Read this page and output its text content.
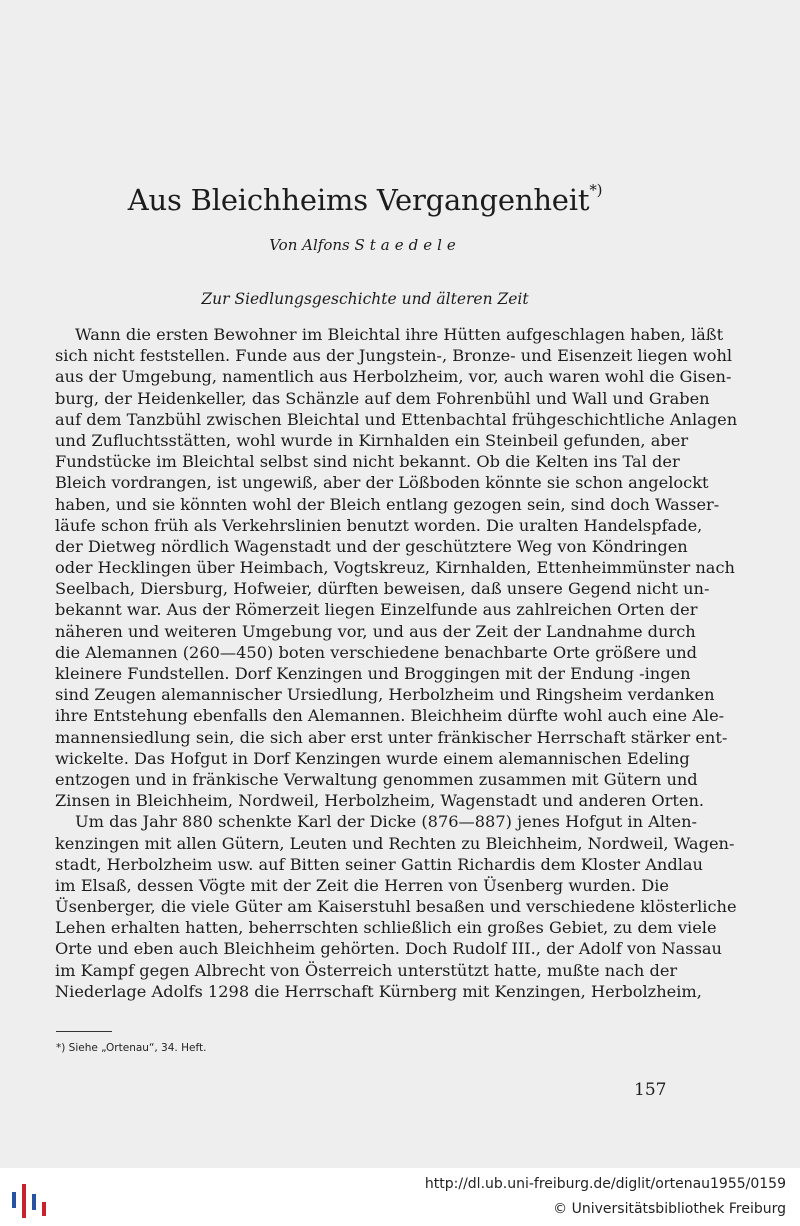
Aus Bleichheims Vergangenheit*)
Von Alfons Staedele
Zur Siedlungsgeschichte und älteren Zeit
Wann die ersten Bewohner im Bleichtal ihre Hütten aufgeschlagen haben, läßt
sich nicht feststellen. Funde aus der Jungstein-, Bronze- und Eisenzeit liegen wohl
aus der Umgebung, namentlich aus Herbolzheim, vor, auch waren wohl die Gisen-
burg, der Heidenkeller, das Schänzle auf dem Fohrenbühl und Wall und Graben
auf dem Tanzbühl zwischen Bleichtal und Ettenbachtal frühgeschichtliche Anlagen
und Zufluchtsstätten, wohl wurde in Kirnhalden ein Steinbeil gefunden, aber
Fundstücke im Bleichtal selbst sind nicht bekannt. Ob die Kelten ins Tal der
Bleich vordrangen, ist ungewiß, aber der Lößboden könnte sie schon angelockt
haben, und sie könnten wohl der Bleich entlang gezogen sein, sind doch Wasser-
läufe schon früh als Verkehrslinien benutzt worden. Die uralten Handelspfade,
der Dietweg nördlich Wagenstadt und der geschütztere Weg von Köndringen
oder Hecklingen über Heimbach, Vogtskreuz, Kirnhalden, Ettenheimmünster nach
Seelbach, Diersburg, Hofweier, dürften beweisen, daß unsere Gegend nicht un-
bekannt war. Aus der Römerzeit liegen Einzelfunde aus zahlreichen Orten der
näheren und weiteren Umgebung vor, und aus der Zeit der Landnahme durch
die Alemannen (260—450) boten verschiedene benachbarte Orte größere und
kleinere Fundstellen. Dorf Kenzingen und Broggingen mit der Endung -ingen
sind Zeugen alemannischer Ursiedlung, Herbolzheim und Ringsheim verdanken
ihre Entstehung ebenfalls den Alemannen. Bleichheim dürfte wohl auch eine Ale-
mannensiedlung sein, die sich aber erst unter fränkischer Herrschaft stärker ent-
wickelte. Das Hofgut in Dorf Kenzingen wurde einem alemannischen Edeling
entzogen und in fränkische Verwaltung genommen zusammen mit Gütern und
Zinsen in Bleichheim, Nordweil, Herbolzheim, Wagenstadt und anderen Orten.
Um das Jahr 880 schenkte Karl der Dicke (876—887) jenes Hofgut in Alten-
kenzingen mit allen Gütern, Leuten und Rechten zu Bleichheim, Nordweil, Wagen-
stadt, Herbolzheim usw. auf Bitten seiner Gattin Richardis dem Kloster Andlau
im Elsaß, dessen Vögte mit der Zeit die Herren von Üsenberg wurden. Die
Üsenberger, die viele Güter am Kaiserstuhl besaßen und verschiedene klösterliche
Lehen erhalten hatten, beherrschten schließlich ein großes Gebiet, zu dem viele
Orte und eben auch Bleichheim gehörten. Doch Rudolf III., der Adolf von Nassau
im Kampf gegen Albrecht von Österreich unterstützt hatte, mußte nach der
Niederlage Adolfs 1298 die Herrschaft Kürnberg mit Kenzingen, Herbolzheim,
*) Siehe „Ortenau“, 34. Heft.
157
http://dl.ub.uni-freiburg.de/diglit/ortenau1955/0159
© Universitätsbibliothek Freiburg
